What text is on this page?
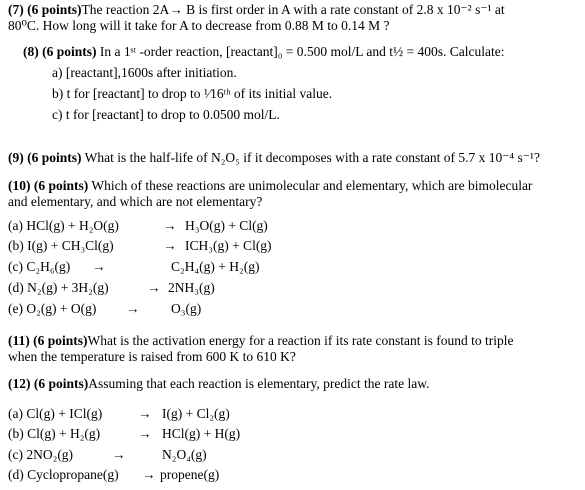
(7) (6 points)The reaction 2A→ B is first order in A with a rate constant of 2.8 x 10⁻² s⁻¹ at
80⁰C. How long will it take for A to decrease from 0.88 M to 0.14 M ?
(8) (6 points) In a 1ˢᵗ -order reaction, [reactant]₀ = 0.500 mol/L and t½ = 400s. Calculate:
a) [reactant],1600s after initiation.
b) t for [reactant] to drop to ¹⁄16ᵗʰ of its initial value.
c) t for [reactant] to drop to 0.0500 mol/L.
(9) (6 points) What is the half-life of N₂O₅ if it decomposes with a rate constant of 5.7 x 10⁻⁴ s⁻¹?
(10) (6 points) Which of these reactions are unimolecular and elementary, which are bimolecular
and elementary, and which are not elementary?
(a) HCl(g) + H₂O(g)	→ H₃O(g) + Cl(g)
(b) I(g) + CH₃Cl(g)	→ ICH₃(g) + Cl(g)
(c) C₂H₆(g) →	C₂H₄(g) + H₂(g)
(d) N₂(g) + 3H₂(g)	→ 2NH₃(g)
(e) O₂(g) + O(g) → O₃(g)
(11) (6 points)What is the activation energy for a reaction if its rate constant is found to triple
when the temperature is raised from 600 K to 610 K?
(12) (6 points)Assuming that each reaction is elementary, predict the rate law.
(a) Cl(g) + ICl(g)	→ I(g) + Cl₂(g)
(b) Cl(g) + H₂(g)	→ HCl(g) + H(g)
(c) 2NO₂(g)	→	N₂O₄(g)
(d) Cyclopropane(g) → propene(g)
